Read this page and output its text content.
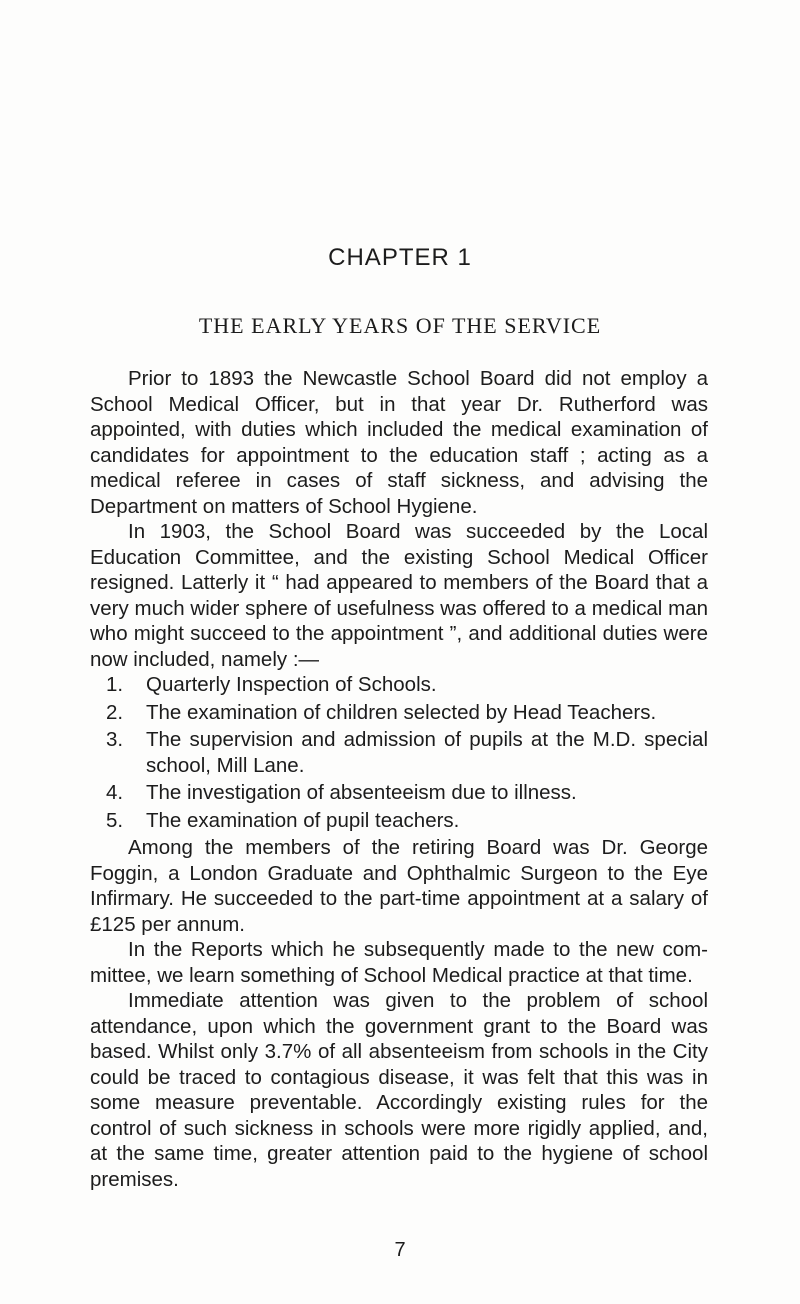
CHAPTER 1
THE EARLY YEARS OF THE SERVICE

Prior to 1893 the Newcastle School Board did not employ a School Medical Officer, but in that year Dr. Rutherford was appointed, with duties which included the medical examination of candidates for appointment to the education staff ; acting as a medical referee in cases of staff sickness, and advising the Department on matters of School Hygiene.

In 1903, the School Board was succeeded by the Local Education Committee, and the existing School Medical Officer resigned. Latterly it “ had appeared to members of the Board that a very much wider sphere of usefulness was offered to a medical man who might succeed to the appointment ”, and additional duties were now included, namely :—

1. Quarterly Inspection of Schools.
2. The examination of children selected by Head Teachers.
3. The supervision and admission of pupils at the M.D. special school, Mill Lane.
4. The investigation of absenteeism due to illness.
5. The examination of pupil teachers.

Among the members of the retiring Board was Dr. George Foggin, a London Graduate and Ophthalmic Surgeon to the Eye Infirmary. He succeeded to the part-time appointment at a salary of £125 per annum.

In the Reports which he subsequently made to the new committee, we learn something of School Medical practice at that time.

Immediate attention was given to the problem of school attendance, upon which the government grant to the Board was based. Whilst only 3.7% of all absenteeism from schools in the City could be traced to contagious disease, it was felt that this was in some measure preventable. Accordingly existing rules for the control of such sickness in schools were more rigidly applied, and, at the same time, greater attention paid to the hygiene of school premises.

7
